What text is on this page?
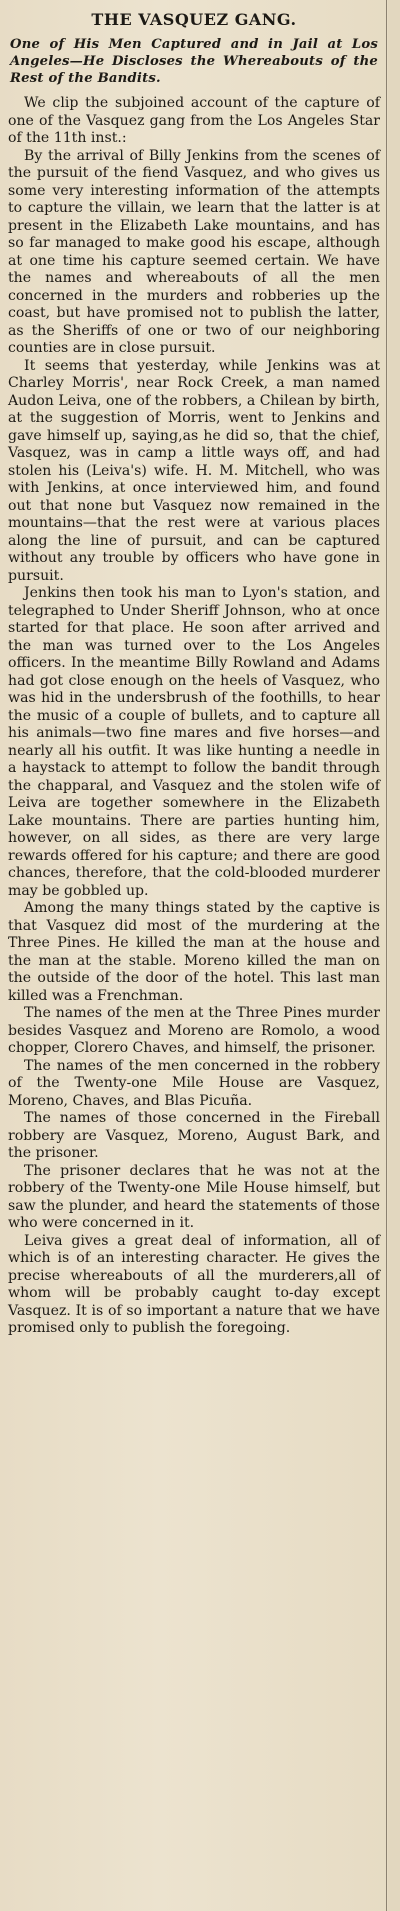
THE VASQUEZ GANG.
One of His Men Captured and in Jail at Los Angeles—He Discloses the Whereabouts of the Rest of the Bandits.

We clip the subjoined account of the capture of one of the Vasquez gang from the Los Angeles Star of the 11th inst.:

By the arrival of Billy Jenkins from the scenes of the pursuit of the fiend Vasquez, and who gives us some very interesting information of the attempts to capture the villain, we learn that the latter is at present in the Elizabeth Lake mountains, and has so far managed to make good his escape, although at one time his capture seemed certain. We have the names and whereabouts of all the men concerned in the murders and robberies up the coast, but have promised not to publish the latter, as the Sheriffs of one or two of our neighboring counties are in close pursuit.

It seems that yesterday, while Jenkins was at Charley Morris', near Rock Creek, a man named Audon Leiva, one of the robbers, a Chilean by birth, at the suggestion of Morris, went to Jenkins and gave himself up, saying,as he did so, that the chief, Vasquez, was in camp a little ways off, and had stolen his (Leiva's) wife. H. M. Mitchell, who was with Jenkins, at once interviewed him, and found out that none but Vasquez now remained in the mountains—that the rest were at various places along the line of pursuit, and can be captured without any trouble by officers who have gone in pursuit.

Jenkins then took his man to Lyon's station, and telegraphed to Under Sheriff Johnson, who at once started for that place. He soon after arrived and the man was turned over to the Los Angeles officers. In the meantime Billy Rowland and Adams had got close enough on the heels of Vasquez, who was hid in the undersbrush of the foothills, to hear the music of a couple of bullets, and to capture all his animals—two fine mares and five horses—and nearly all his outfit. It was like hunting a needle in a haystack to attempt to follow the bandit through the chapparal, and Vasquez and the stolen wife of Leiva are together somewhere in the Elizabeth Lake mountains. There are parties hunting him, however, on all sides, as there are very large rewards offered for his capture; and there are good chances, therefore, that the cold-blooded murderer may be gobbled up.

Among the many things stated by the captive is that Vasquez did most of the murdering at the Three Pines. He killed the man at the house and the man at the stable. Moreno killed the man on the outside of the door of the hotel. This last man killed was a Frenchman.

The names of the men at the Three Pines murder besides Vasquez and Moreno are Romolo, a wood chopper, Clorero Chaves, and himself, the prisoner.

The names of the men concerned in the robbery of the Twenty-one Mile House are Vasquez, Moreno, Chaves, and Blas Picuña.

The names of those concerned in the Fireball robbery are Vasquez, Moreno, August Bark, and the prisoner.

The prisoner declares that he was not at the robbery of the Twenty-one Mile House himself, but saw the plunder, and heard the statements of those who were concerned in it.

Leiva gives a great deal of information, all of which is of an interesting character. He gives the precise whereabouts of all the murderers,all of whom will be probably caught to-day except Vasquez. It is of so important a nature that we have promised only to publish the foregoing.
